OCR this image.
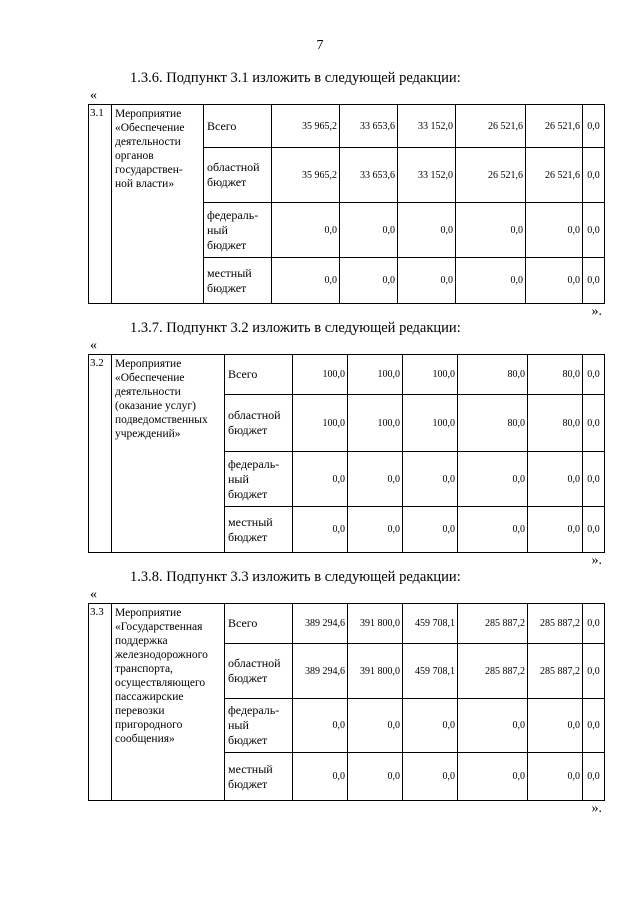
7
1.3.6. Подпункт 3.1 изложить в следующей редакции:
«
3.1	Мероприятие «Обеспечение деятельности органов государствен-ной власти»	Всего	35 965,2	33 653,6	33 152,0	26 521,6	26 521,6	0,0
		областной бюджет	35 965,2	33 653,6	33 152,0	26 521,6	26 521,6	0,0
		федераль-ный бюджет	0,0	0,0	0,0	0,0	0,0	0,0
		местный бюджет	0,0	0,0	0,0	0,0	0,0	0,0
».
1.3.7. Подпункт 3.2 изложить в следующей редакции:
«
3.2	Мероприятие «Обеспечение деятельности (оказание услуг) подведомственных учреждений»	Всего	100,0	100,0	100,0	80,0	80,0	0,0
		областной бюджет	100,0	100,0	100,0	80,0	80,0	0,0
		федераль-ный бюджет	0,0	0,0	0,0	0,0	0,0	0,0
		местный бюджет	0,0	0,0	0,0	0,0	0,0	0,0
».
1.3.8. Подпункт 3.3 изложить в следующей редакции:
«
3.3	Мероприятие «Государственная поддержка железнодорожного транспорта, осуществляющего пассажирские перевозки пригородного сообщения»	Всего	389 294,6	391 800,0	459 708,1	285 887,2	285 887,2	0,0
		областной бюджет	389 294,6	391 800,0	459 708,1	285 887,2	285 887,2	0,0
		федераль-ный бюджет	0,0	0,0	0,0	0,0	0,0	0,0
		местный бюджет	0,0	0,0	0,0	0,0	0,0	0,0
».
